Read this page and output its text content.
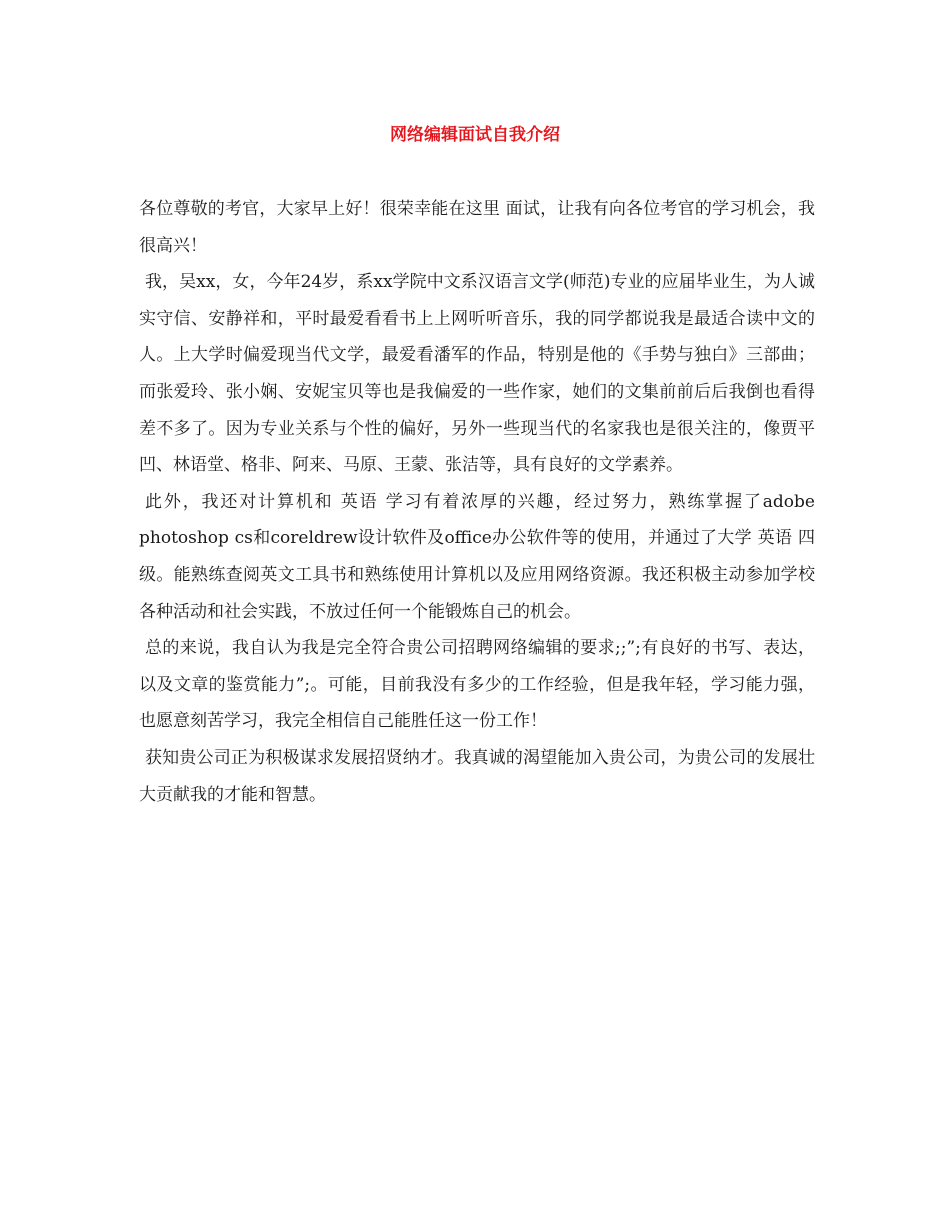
网络编辑面试自我介绍

各位尊敬的考官，大家早上好！很荣幸能在这里 面试，让我有向各位考官的学习机会，我很高兴！

我，吴xx，女，今年24岁，系xx学院中文系汉语言文学(师范)专业的应届毕业生，为人诚实守信、安静祥和，平时最爱看看书上上网听听音乐，我的同学都说我是最适合读中文的人。上大学时偏爱现当代文学，最爱看潘军的作品，特别是他的《手势与独白》三部曲；而张爱玲、张小娴、安妮宝贝等也是我偏爱的一些作家，她们的文集前前后后我倒也看得差不多了。因为专业关系与个性的偏好，另外一些现当代的名家我也是很关注的，像贾平凹、林语堂、格非、阿来、马原、王蒙、张洁等，具有良好的文学素养。

此外，我还对计算机和 英语 学习有着浓厚的兴趣，经过努力，熟练掌握了adobe photoshop cs和coreldrew设计软件及office办公软件等的使用，并通过了大学 英语 四级。能熟练查阅英文工具书和熟练使用计算机以及应用网络资源。我还积极主动参加学校各种活动和社会实践，不放过任何一个能锻炼自己的机会。

总的来说，我自认为我是完全符合贵公司招聘网络编辑的要求;;”;有良好的书写、表达，以及文章的鉴赏能力”;。可能，目前我没有多少的工作经验，但是我年轻，学习能力强，也愿意刻苦学习，我完全相信自己能胜任这一份工作！

获知贵公司正为积极谋求发展招贤纳才。我真诚的渴望能加入贵公司，为贵公司的发展壮大贡献我的才能和智慧。
